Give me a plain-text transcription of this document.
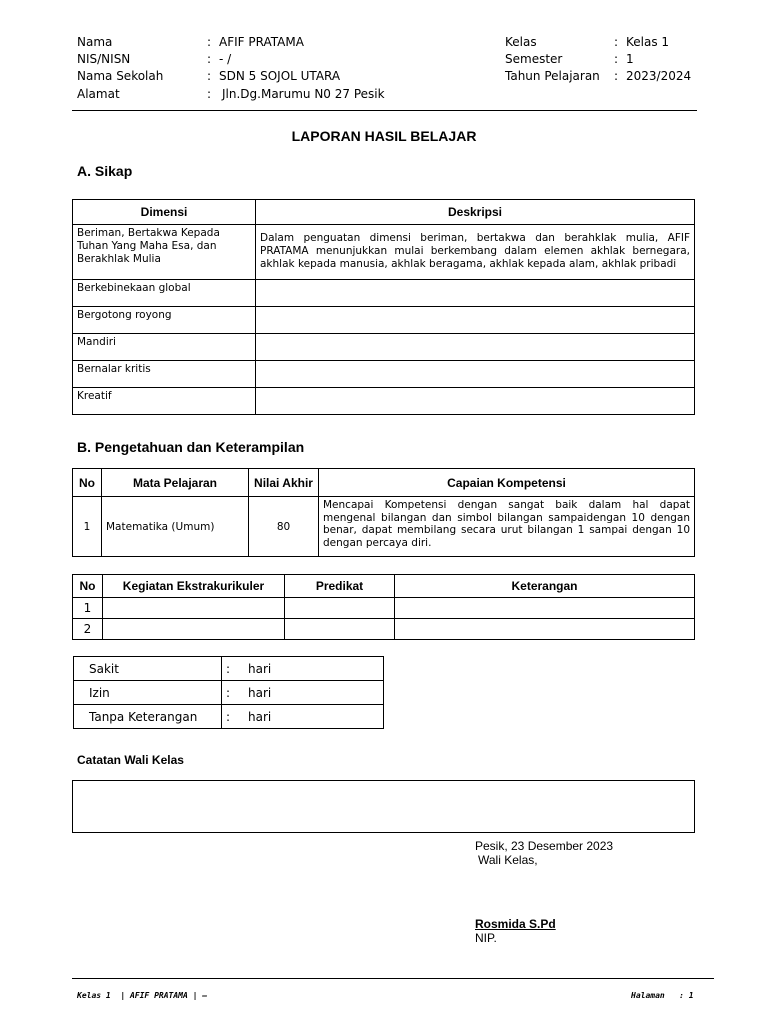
Nama	: AFIF PRATAMA
NIS/NISN	: - /
Nama Sekolah	: SDN 5 SOJOL UTARA
Alamat	: Jln.Dg.Marumu N0 27 Pesik
Kelas	: Kelas 1
Semester	: 1
Tahun Pelajaran : 2023/2024
LAPORAN HASIL BELAJAR
A. Sikap
Dimensi	Deskripsi
Beriman, Bertakwa Kepada Tuhan Yang Maha Esa, dan Berakhlak Mulia	Dalam penguatan dimensi beriman, bertakwa dan berahklak mulia, AFIF PRATAMA menunjukkan mulai berkembang dalam elemen akhlak bernegara, akhlak kepada manusia, akhlak beragama, akhlak kepada alam, akhlak pribadi
Berkebinekaan global	
Bergotong royong	
Mandiri	
Bernalar kritis	
Kreatif	
B. Pengetahuan dan Keterampilan
No	Mata Pelajaran	Nilai Akhir	Capaian Kompetensi
1	Matematika (Umum)	80	Mencapai Kompetensi dengan sangat baik dalam hal dapat mengenal bilangan dan simbol bilangan sampaidengan 10 dengan benar, dapat membilang secara urut bilangan 1 sampai dengan 10 dengan percaya diri.
No	Kegiatan Ekstrakurikuler	Predikat	Keterangan
1			
2			
Sakit	:	hari
Izin	:	hari
Tanpa Keterangan	:	hari
Catatan Wali Kelas
Pesik, 23 Desember 2023
Wali Kelas,
Rosmida S.Pd
NIP.
Kelas 1  | AFIF PRATAMA | –	Halaman   : 1
